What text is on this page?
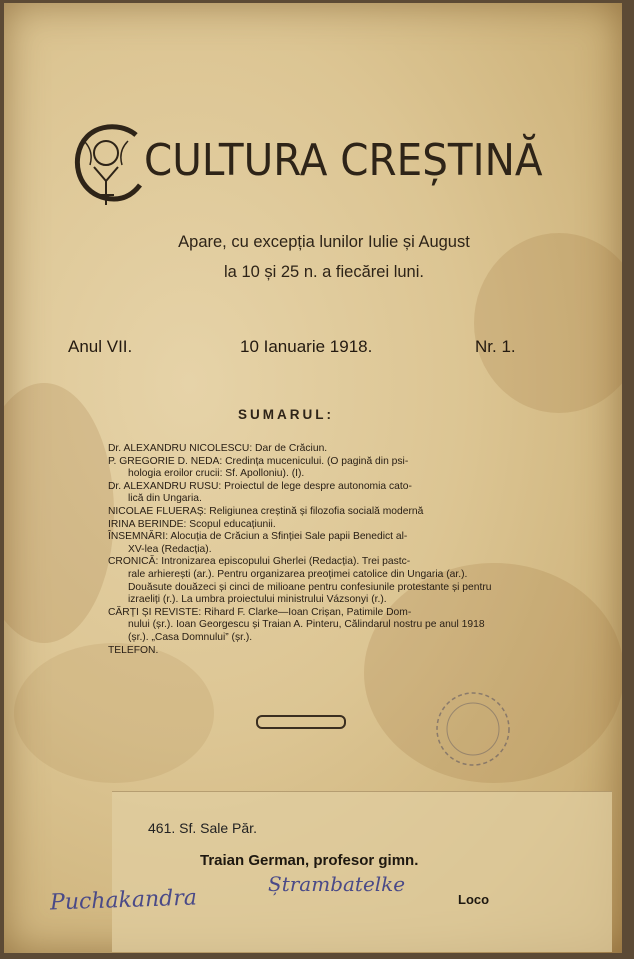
CULTURA CREȘTINĂ
Apare, cu excepția lunilor Iulie și August
la 10 și 25 n. a fiecărei luni.
Anul VII.	10 Ianuarie 1918.	Nr. 1.
SUMARUL:
Dr. ALEXANDRU NICOLESCU: Dar de Crăciun.
P. GREGORIE D. NEDA: Credința mucenicului. (O pagină din psi-
hologia eroilor crucii: Sf. Apolloniu). (I).
Dr. ALEXANDRU RUSU: Proiectul de lege despre autonomia cato-
lică din Ungaria.
NICOLAE FLUERAȘ: Religiunea creștină și filozofia socială modernă
IRINA BERINDE: Scopul educațiunii.
ÎNSEMNĂRI: Alocuția de Crăciun a Sfinției Sale papii Benedict al-
XV-lea (Redacția).
CRONICĂ: Intronizarea episcopului Gherlei (Redacția). Trei pastc-
rale arhierești (ar.). Pentru organizarea preoțimei catolice din Ungaria (ar.). Douăsute douăzeci și cinci de milioane pentru confesiunile protestante și pentru izraeliți (r.). La umbra proiectului ministrului Vázsonyi (r.).
CĂRȚI ȘI REVISTE: Rihard F. Clarke—Ioan Crișan, Patimile Dom-
nului (șr.). Ioan Georgescu și Traian A. Pinteru, Călindarul nostru pe anul 1918 (șr.). „Casa Domnului” (șr.).
TELEFON.
461. Sf. Sale Păr.
Traian German, profesor gimn.
Loco
Ștrambatelke
Puchakandra
